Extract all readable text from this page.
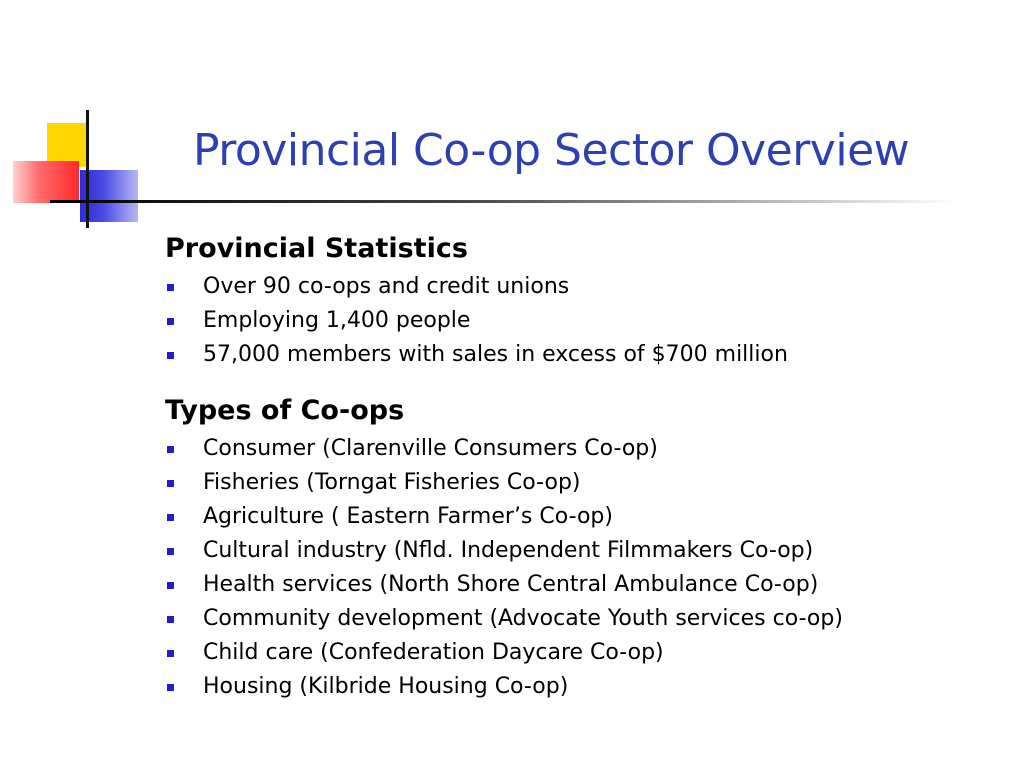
Provincial Co-op Sector Overview
Provincial Statistics
Over 90 co-ops and credit unions
Employing 1,400 people
57,000 members with sales in excess of $700 million
Types of Co-ops
Consumer (Clarenville Consumers Co-op)
Fisheries (Torngat Fisheries Co-op)
Agriculture ( Eastern Farmer’s Co-op)
Cultural industry (Nfld. Independent Filmmakers Co-op)
Health services (North Shore Central Ambulance Co-op)
Community development (Advocate Youth services co-op)
Child care (Confederation Daycare Co-op)
Housing (Kilbride Housing Co-op)
